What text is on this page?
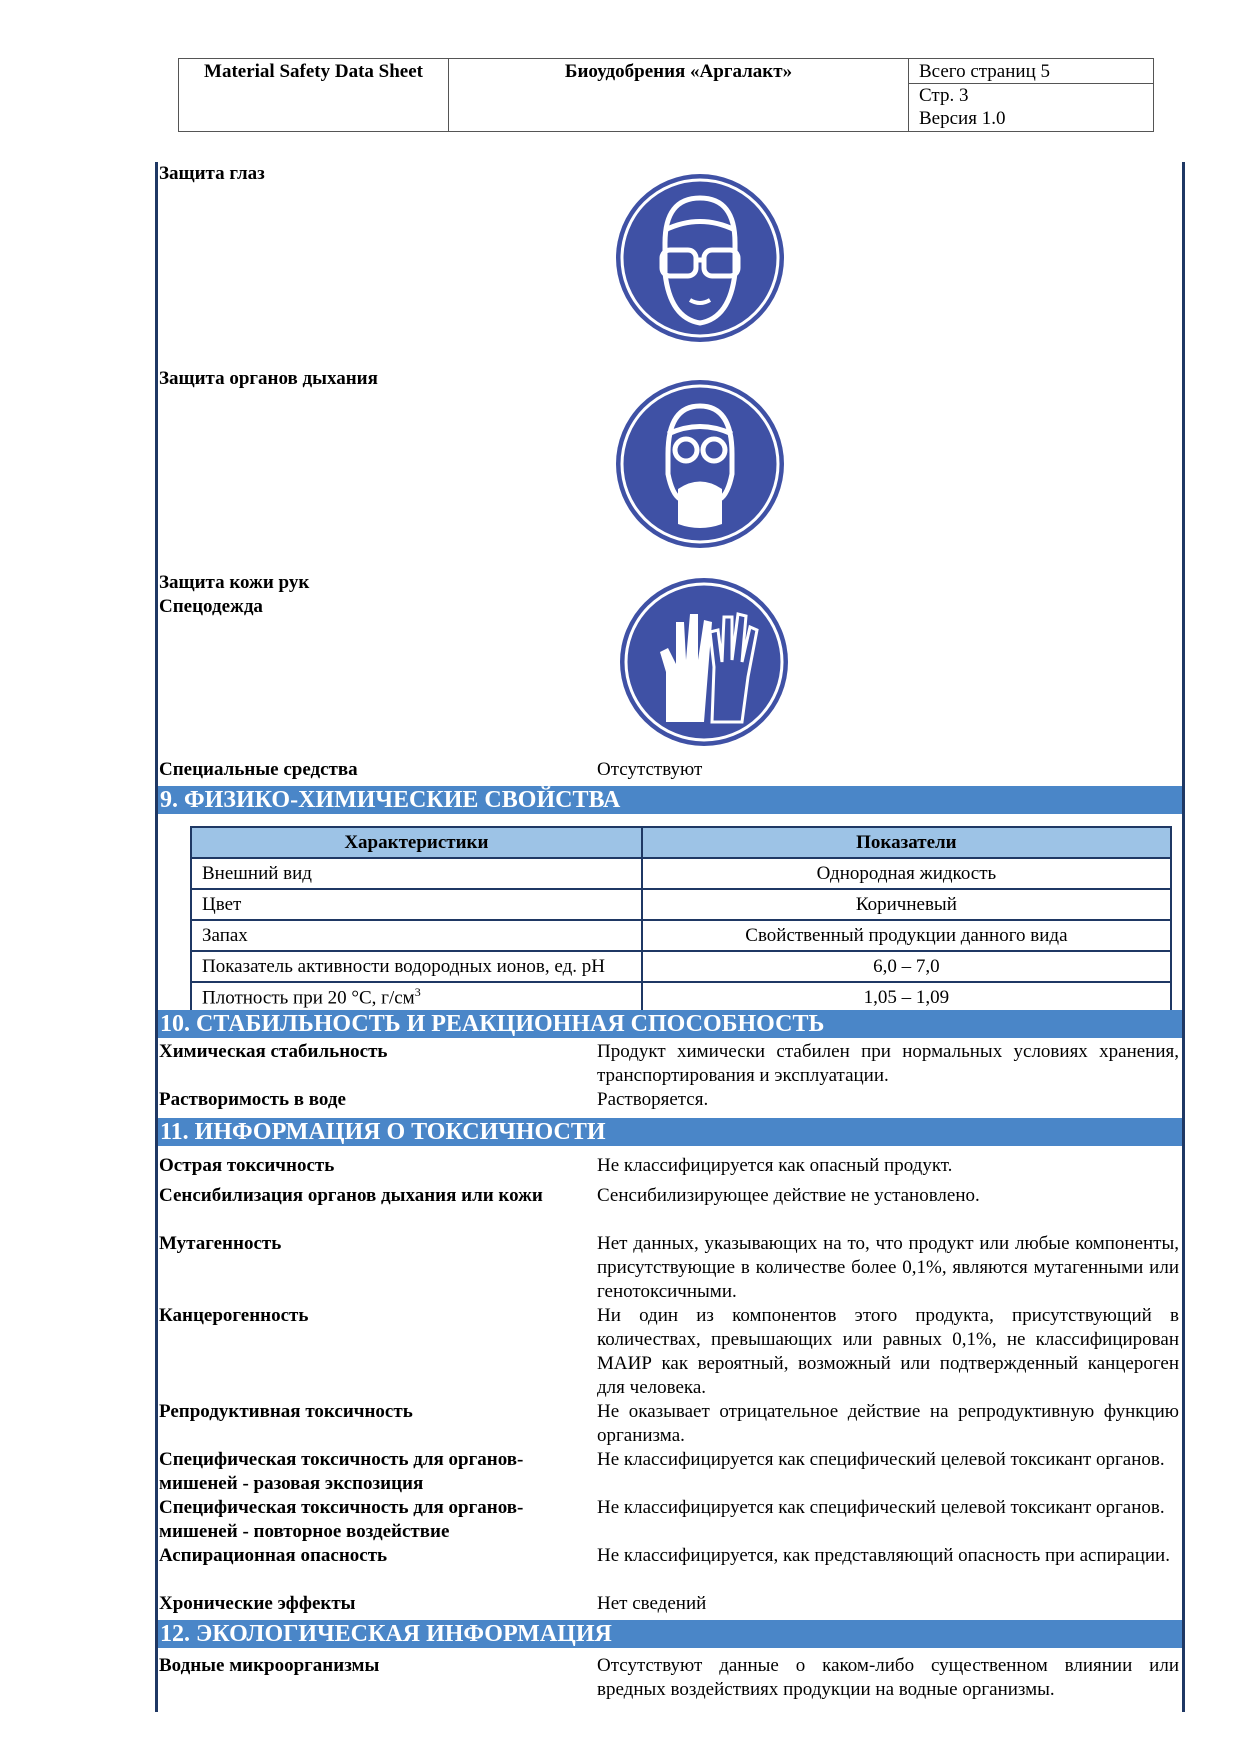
Material Safety Data Sheet	Биоудобрения «Аргалакт»	Всего страниц 5
Стр. 3
Версия 1.0
Защита глаз
Защита органов дыхания
Защита кожи рук
Спецодежда
Специальные средства	Отсутствуют
9. ФИЗИКО-ХИМИЧЕСКИЕ СВОЙСТВА
Характеристики	Показатели
Внешний вид	Однородная жидкость
Цвет	Коричневый
Запах	Свойственный продукции данного вида
Показатель активности водородных ионов, ед. рН	6,0 – 7,0
Плотность при 20 °С, $г/см^3$	1,05 – 1,09
10. СТАБИЛЬНОСТЬ И РЕАКЦИОННАЯ СПОСОБНОСТЬ
Химическая стабильность	Продукт химически стабилен при нормальных условиях хранения, транспортирования и эксплуатации.
Растворимость в воде	Растворяется.
11. ИНФОРМАЦИЯ О ТОКСИЧНОСТИ
Острая токсичность	Не классифицируется как опасный продукт.
Сенсибилизация органов дыхания или кожи	Сенсибилизирующее действие не установлено.
Мутагенность	Нет данных, указывающих на то, что продукт или любые компоненты, присутствующие в количестве более 0,1%, являются мутагенными или генотоксичными.
Канцерогенность	Ни один из компонентов этого продукта, присутствующий в количествах, превышающих или равных 0,1%, не классифицирован МАИР как вероятный, возможный или подтвержденный канцероген для человека.
Репродуктивная токсичность	Не оказывает отрицательное действие на репродуктивную функцию организма.
Специфическая токсичность для органов-мишеней - разовая экспозиция
Не классифицируется как специфический целевой токсикант органов.
Специфическая токсичность для органов-мишеней - повторное воздействие
Не классифицируется как специфический целевой токсикант органов.
Аспирационная опасность	Не классифицируется, как представляющий опасность при аспирации.
Хронические эффекты	Нет сведений
12. ЭКОЛОГИЧЕСКАЯ ИНФОРМАЦИЯ
Водные микроорганизмы	Отсутствуют данные о каком-либо существенном влиянии или вредных воздействиях продукции на водные организмы.
